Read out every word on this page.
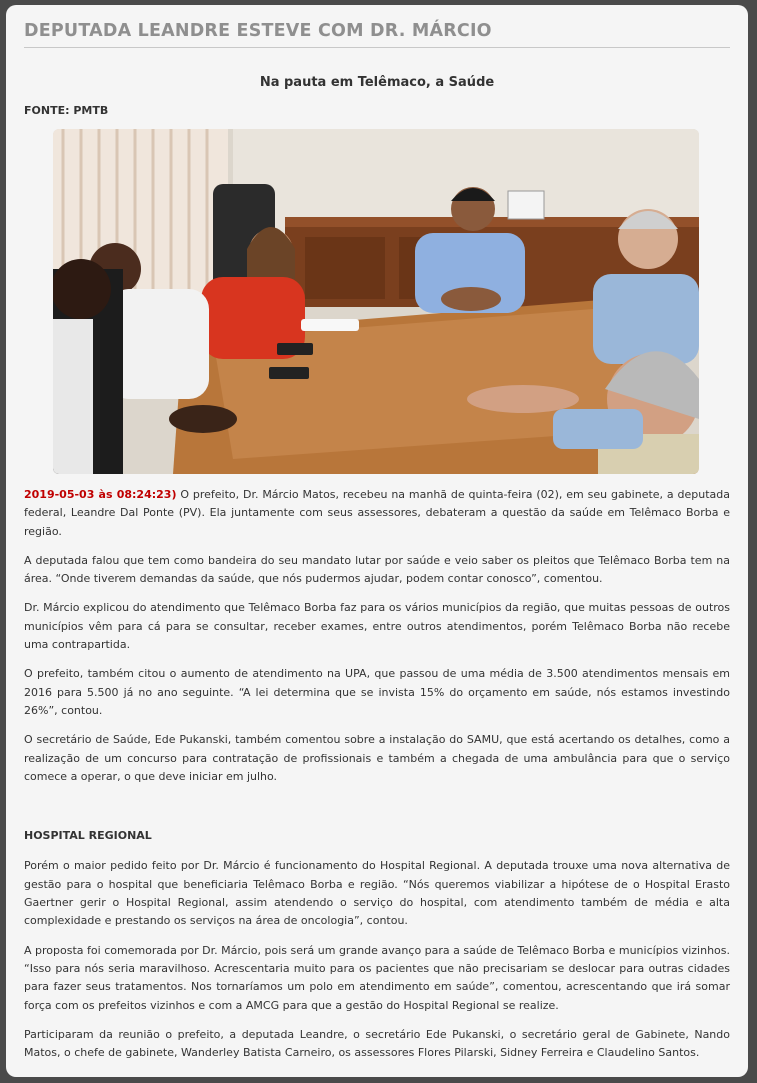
DEPUTADA LEANDRE ESTEVE COM DR. MÁRCIO
Na pauta em Telêmaco, a Saúde
FONTE: PMTB

2019-05-03 às 08:24:23) O prefeito, Dr. Márcio Matos, recebeu na manhã de quinta-feira (02), em seu gabinete, a deputada federal, Leandre Dal Ponte (PV). Ela juntamente com seus assessores, debateram a questão da saúde em Telêmaco Borba e região.

A deputada falou que tem como bandeira do seu mandato lutar por saúde e veio saber os pleitos que Telêmaco Borba tem na área. “Onde tiverem demandas da saúde, que nós pudermos ajudar, podem contar conosco”, comentou.

Dr. Márcio explicou do atendimento que Telêmaco Borba faz para os vários municípios da região, que muitas pessoas de outros municípios vêm para cá para se consultar, receber exames, entre outros atendimentos, porém Telêmaco Borba não recebe uma contrapartida.

O prefeito, também citou o aumento de atendimento na UPA, que passou de uma média de 3.500 atendimentos mensais em 2016 para 5.500 já no ano seguinte. “A lei determina que se invista 15% do orçamento em saúde, nós estamos investindo 26%”, contou.

O secretário de Saúde, Ede Pukanski, também comentou sobre a instalação do SAMU, que está acertando os detalhes, como a realização de um concurso para contratação de profissionais e também a chegada de uma ambulância para que o serviço comece a operar, o que deve iniciar em julho.

HOSPITAL REGIONAL

Porém o maior pedido feito por Dr. Márcio é funcionamento do Hospital Regional. A deputada trouxe uma nova alternativa de gestão para o hospital que beneficiaria Telêmaco Borba e região. “Nós queremos viabilizar a hipótese de o Hospital Erasto Gaertner gerir o Hospital Regional, assim atendendo o serviço do hospital, com atendimento também de média e alta complexidade e prestando os serviços na área de oncologia”, contou.

A proposta foi comemorada por Dr. Márcio, pois será um grande avanço para a saúde de Telêmaco Borba e municípios vizinhos. “Isso para nós seria maravilhoso. Acrescentaria muito para os pacientes que não precisariam se deslocar para outras cidades para fazer seus tratamentos. Nos tornaríamos um polo em atendimento em saúde”, comentou, acrescentando que irá somar força com os prefeitos vizinhos e com a AMCG para que a gestão do Hospital Regional se realize.

Participaram da reunião o prefeito, a deputada Leandre, o secretário Ede Pukanski, o secretário geral de Gabinete, Nando Matos, o chefe de gabinete, Wanderley Batista Carneiro, os assessores Flores Pilarski, Sidney Ferreira e Claudelino Santos.
